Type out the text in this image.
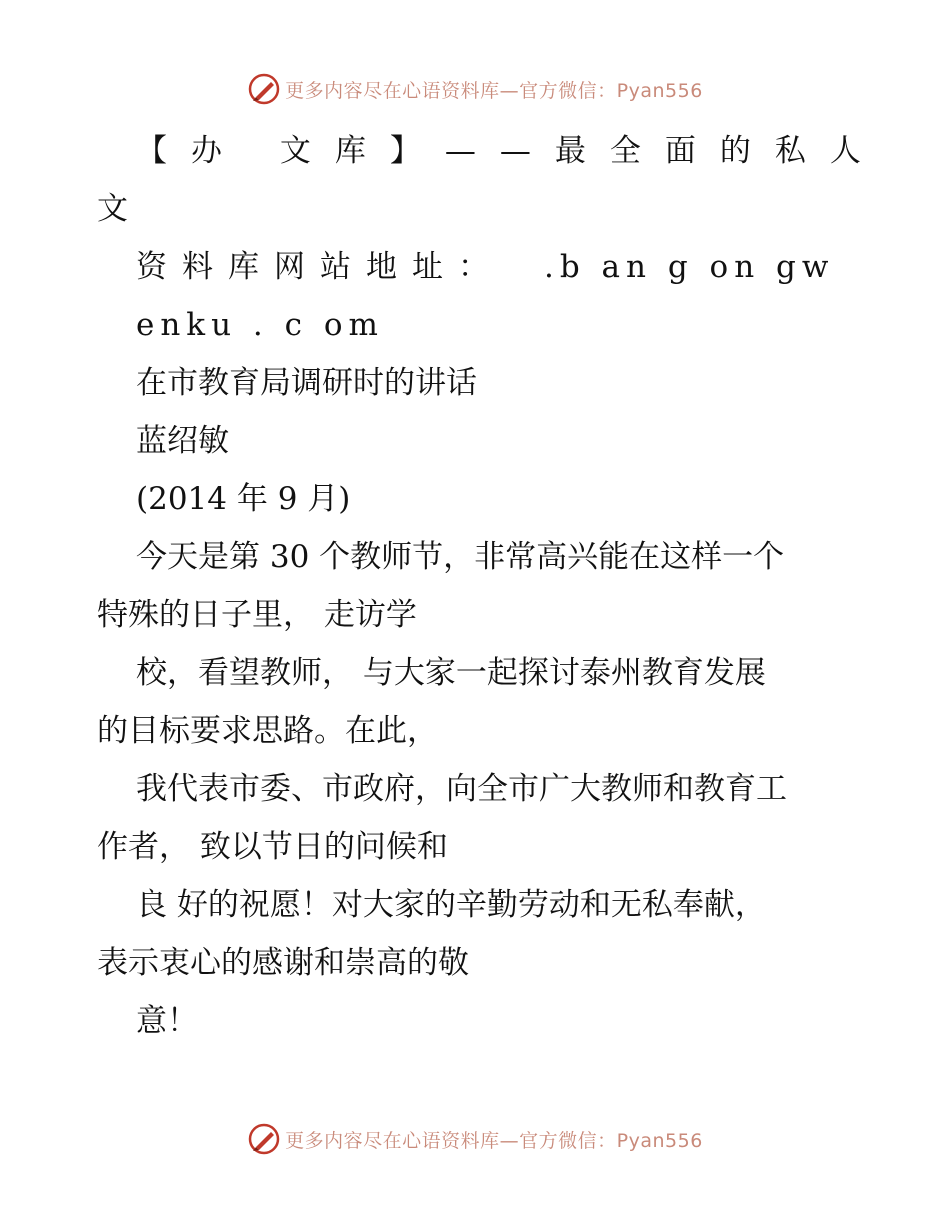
更多内容尽在心语资料库—官方微信：Pyan556
【办 文库】——最全面的私人
文
资料库网站地址： .b an g on gw
enku . c om
在市教育局调研时的讲话
蓝绍敏
(2014 年 9 月)
今天是第 30 个教师节，非常高兴能在这样一个
特殊的日子里， 走访学
校，看望教师， 与大家一起探讨泰州教育发展
的目标要求思路。在此，
我代表市委、市政府，向全市广大教师和教育工
作者， 致以节日的问候和
良 好的祝愿！对大家的辛勤劳动和无私奉献，
表示衷心的感谢和崇高的敬
意！
更多内容尽在心语资料库—官方微信：Pyan556
